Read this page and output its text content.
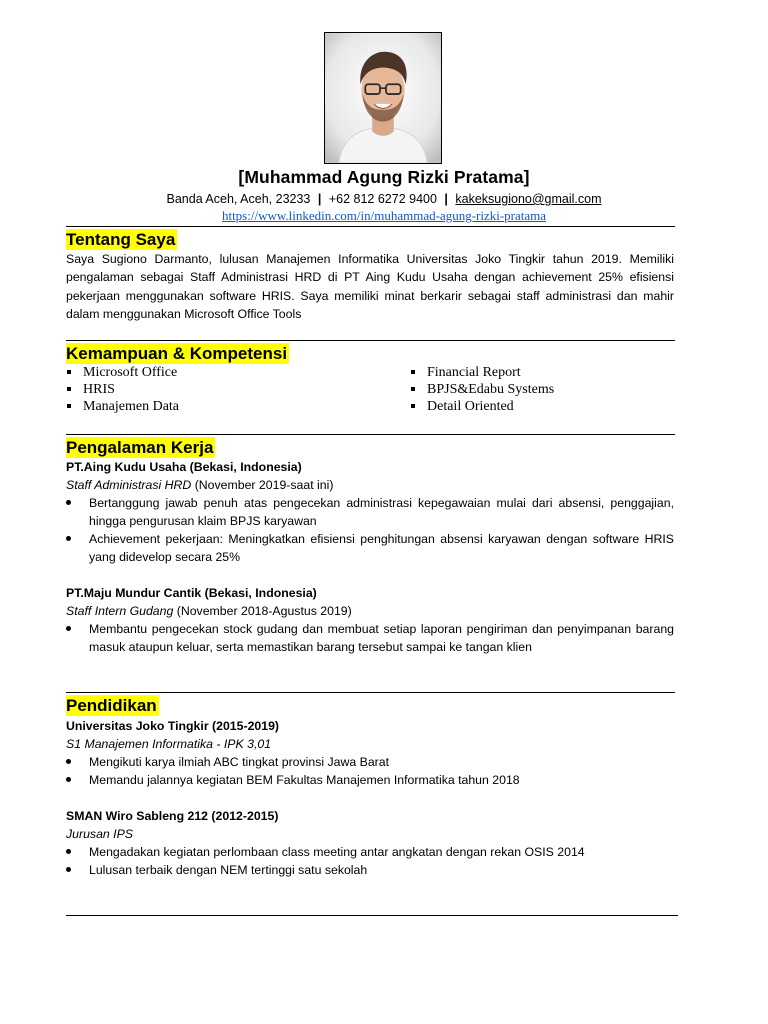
[Muhammad Agung Rizki Pratama]
Banda Aceh, Aceh, 23233 | +62 812 6272 9400 | kakeksugiono@gmail.com
https://www.linkedin.com/in/muhammad-agung-rizki-pratama
Tentang Saya
Saya Sugiono Darmanto, lulusan Manajemen Informatika Universitas Joko Tingkir tahun 2019. Memiliki pengalaman sebagai Staff Administrasi HRD di PT Aing Kudu Usaha dengan achievement 25% efisiensi pekerjaan menggunakan software HRIS. Saya memiliki minat berkarir sebagai staff administrasi dan mahir dalam menggunakan Microsoft Office Tools
Kemampuan & Kompetensi
Microsoft Office
HRIS
Manajemen Data
Financial Report
BPJS&Edabu Systems
Detail Oriented
Pengalaman Kerja
PT.Aing Kudu Usaha (Bekasi, Indonesia)
Staff Administrasi HRD (November 2019-saat ini)
Bertanggung jawab penuh atas pengecekan administrasi kepegawaian mulai dari absensi, penggajian, hingga pengurusan klaim BPJS karyawan
Achievement pekerjaan: Meningkatkan efisiensi penghitungan absensi karyawan dengan software HRIS yang didevelop secara 25%
PT.Maju Mundur Cantik (Bekasi, Indonesia)
Staff Intern Gudang (November 2018-Agustus 2019)
Membantu pengecekan stock gudang dan membuat setiap laporan pengiriman dan penyimpanan barang masuk ataupun keluar, serta memastikan barang tersebut sampai ke tangan klien
Pendidikan
Universitas Joko Tingkir (2015-2019)
S1 Manajemen Informatika - IPK 3,01
Mengikuti karya ilmiah ABC tingkat provinsi Jawa Barat
Memandu jalannya kegiatan BEM Fakultas Manajemen Informatika tahun 2018
SMAN Wiro Sableng 212 (2012-2015)
Jurusan IPS
Mengadakan kegiatan perlombaan class meeting antar angkatan dengan rekan OSIS 2014
Lulusan terbaik dengan NEM tertinggi satu sekolah
